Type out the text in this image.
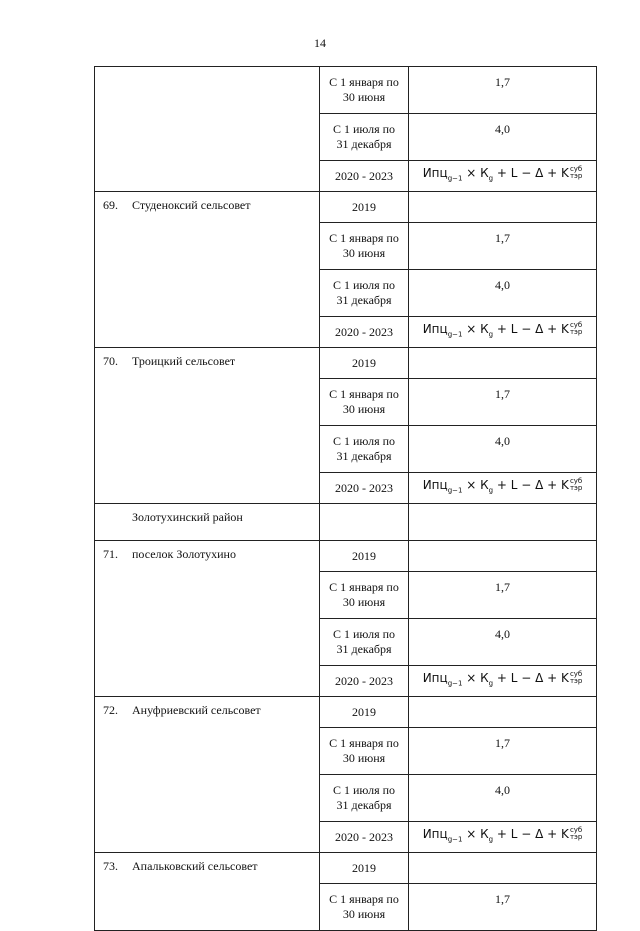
14
	С 1 января по
30 июня	1,7
	С 1 июля по
31 декабря	4,0
	2020 - 2023	$Ипц_{g-1} \times К_g + L - \Delta + K$ суб
тэр

69. Студеноксий сельсовет	2019	
	С 1 января по
30 июня	1,7
	С 1 июля по
31 декабря	4,0
	2020 - 2023	$Ипц_{g-1} \times К_g + L - \Delta + K$ суб
тэр

70. Троицкий сельсовет	2019	
	С 1 января по
30 июня	1,7
	С 1 июля по
31 декабря	4,0
	2020 - 2023	$Ипц_{g-1} \times К_g + L - \Delta + K$ суб
тэр

Золотухинский район		
71. поселок Золотухино	2019	
	С 1 января по
30 июня	1,7
	С 1 июля по
31 декабря	4,0
	2020 - 2023	$Ипц_{g-1} \times К_g + L - \Delta + K$ суб
тэр

72. Ануфриевский сельсовет	2019	
	С 1 января по
30 июня	1,7
	С 1 июля по
31 декабря	4,0
	2020 - 2023	$Ипц_{g-1} \times К_g + L - \Delta + K$ суб
тэр

73. Апальковский сельсовет	2019	
	С 1 января по
30 июня	1,7
